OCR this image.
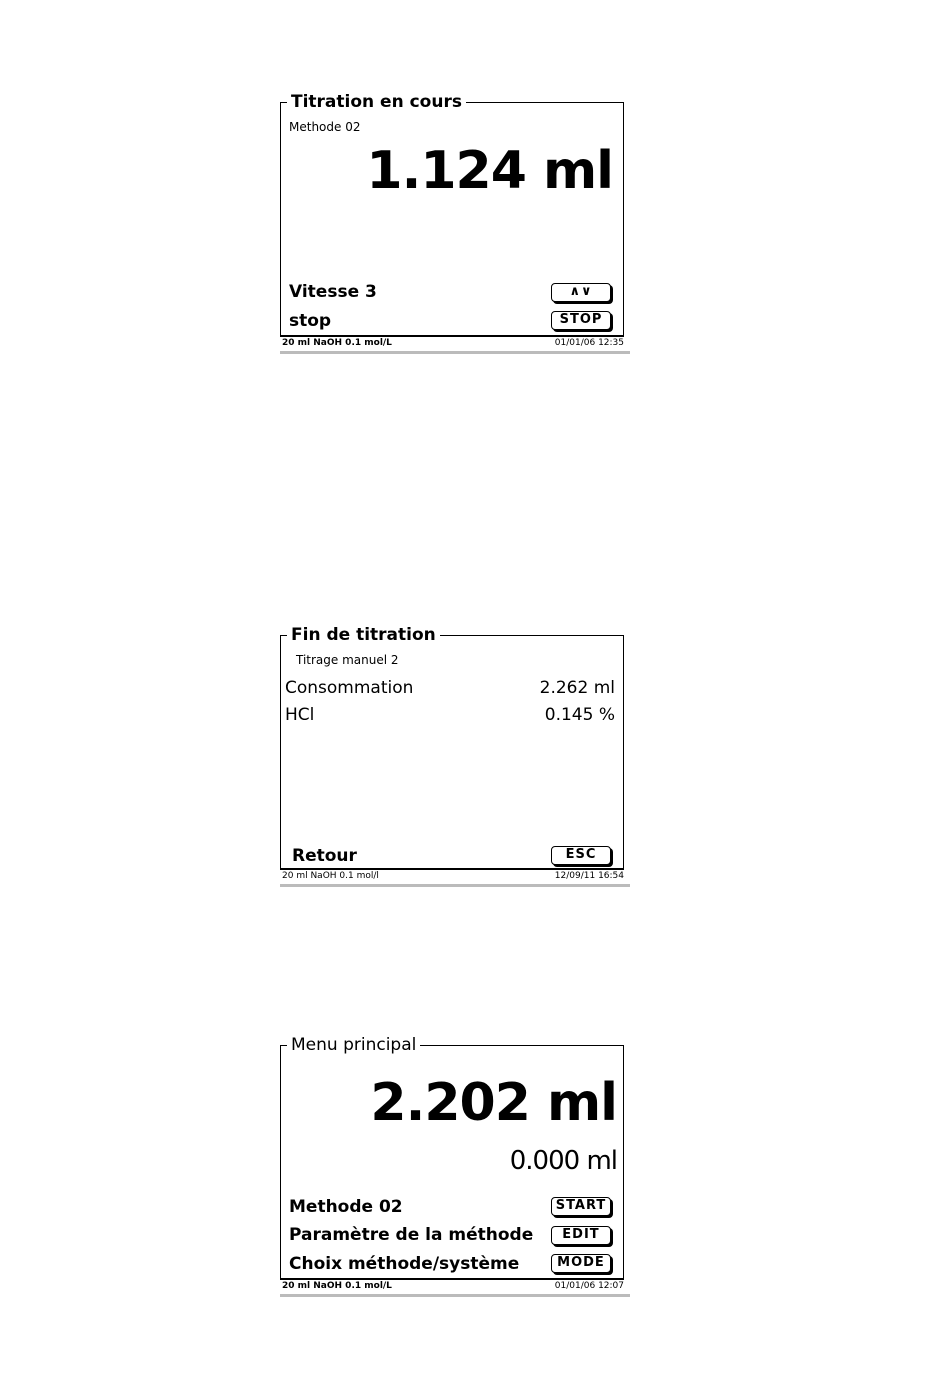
Titration en cours
Methode 02
1.124 ml
Vitesse 3	∧∨
stop	STOP
20 ml NaOH 0.1 mol/L	01/01/06 12:35
Fin de titration
Titrage manuel 2
Consommation	2.262 ml
HCl	0.145 %
Retour	ESC
20 ml NaOH 0.1 mol/l	12/09/11 16:54
Menu principal
2.202 ml
0.000 ml
Methode 02	START
Paramètre de la méthode	EDIT
Choix méthode/système	MODE
20 ml NaOH 0.1 mol/L	01/01/06 12:07
